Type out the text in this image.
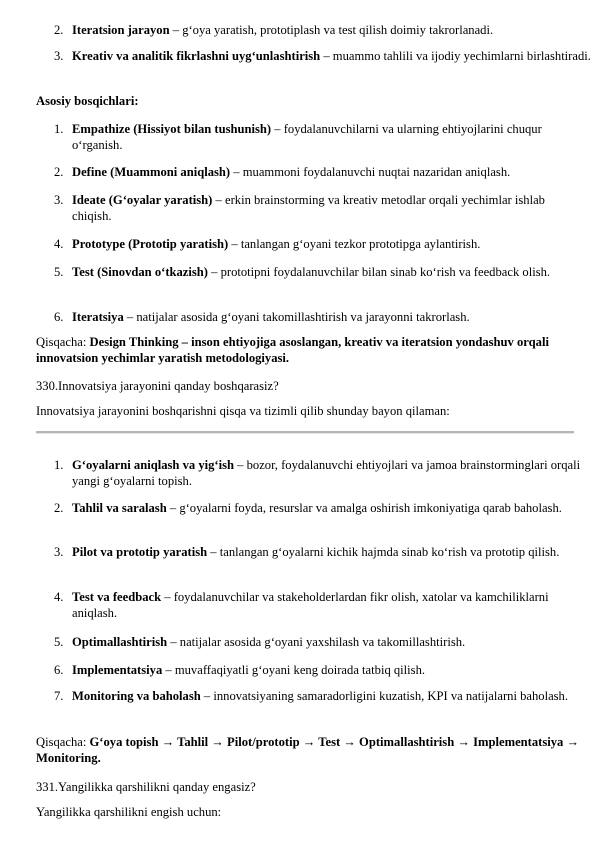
2. Iteratsion jarayon – g‘oya yaratish, prototiplash va test qilish doimiy takrorlanadi.
3. Kreativ va analitik fikrlashni uyg‘unlashtirish – muammo tahlili va ijodiy yechimlarni birlashtiradi.
Asosiy bosqichlari:
1. Empathize (Hissiyot bilan tushunish) – foydalanuvchilarni va ularning ehtiyojlarini chuqur o‘rganish.
2. Define (Muammoni aniqlash) – muammoni foydalanuvchi nuqtai nazaridan aniqlash.
3. Ideate (G‘oyalar yaratish) – erkin brainstorming va kreativ metodlar orqali yechimlar ishlab chiqish.
4. Prototype (Prototip yaratish) – tanlangan g‘oyani tezkor prototipga aylantirish.
5. Test (Sinovdan o‘tkazish) – prototipni foydalanuvchilar bilan sinab ko‘rish va feedback olish.
6. Iteratsiya – natijalar asosida g‘oyani takomillashtirish va jarayonni takrorlash.
Qisqacha: Design Thinking – inson ehtiyojiga asoslangan, kreativ va iteratsion yondashuv orqali innovatsion yechimlar yaratish metodologiyasi.
330.Innovatsiya jarayonini qanday boshqarasiz?
Innovatsiya jarayonini boshqarishni qisqa va tizimli qilib shunday bayon qilaman:
1. G‘oyalarni aniqlash va yig‘ish – bozor, foydalanuvchi ehtiyojlari va jamoa brainstorminglari orqali yangi g‘oyalarni topish.
2. Tahlil va saralash – g‘oyalarni foyda, resurslar va amalga oshirish imkoniyatiga qarab baholash.
3. Pilot va prototip yaratish – tanlangan g‘oyalarni kichik hajmda sinab ko‘rish va prototip qilish.
4. Test va feedback – foydalanuvchilar va stakeholderlardan fikr olish, xatolar va kamchiliklarni aniqlash.
5. Optimallashtirish – natijalar asosida g‘oyani yaxshilash va takomillashtirish.
6. Implementatsiya – muvaffaqiyatli g‘oyani keng doirada tatbiq qilish.
7. Monitoring va baholash – innovatsiyaning samaradorligini kuzatish, KPI va natijalarni baholash.
Qisqacha: G‘oya topish → Tahlil → Pilot/prototip → Test → Optimallashtirish → Implementatsiya → Monitoring.
331.Yangilikka qarshilikni qanday engasiz?
Yangilikka qarshilikni engish uchun:
